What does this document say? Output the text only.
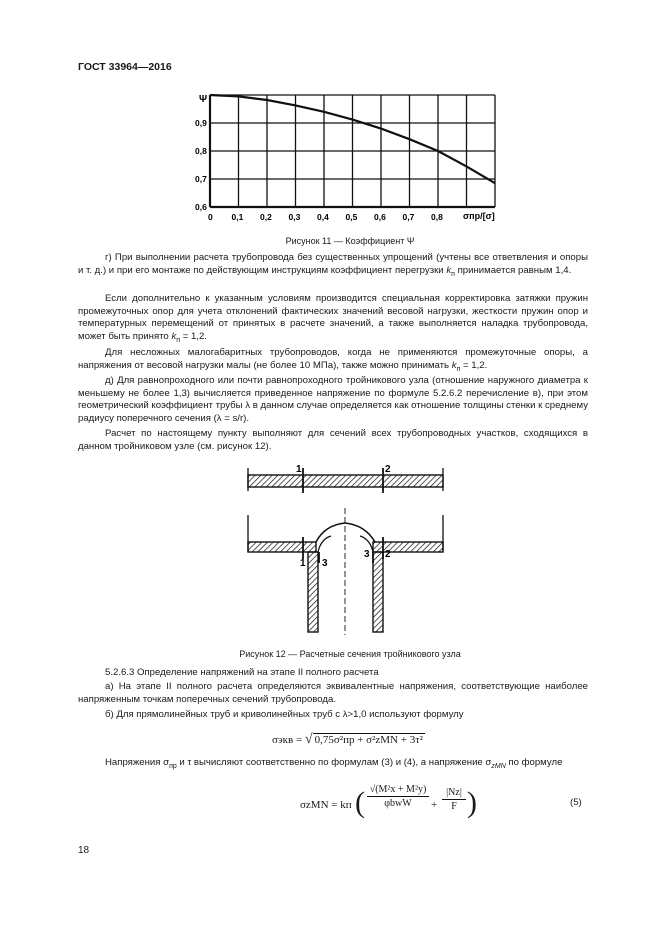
ГОСТ 33964—2016
0 0,1 0,2 0,3 0,4 0,5 0,6 0,7 0,8
0,6
0,7
0,8
0,9
Ψ
σпр/[σ]
Рисунок 11 — Коэффициент Ψ
г) При выполнении расчета трубопровода без существенных упрощений (учтены все ответвления и опоры и т. д.) и при его монтаже по действующим инструкциям коэффициент перегрузки $k_п$ принимается равным 1,4.
Если дополнительно к указанным условиям производится специальная корректировка затяжки пружин промежуточных опор для учета отклонений фактических значений весовой нагрузки, жесткости пружин опор и температурных перемещений от принятых в расчете значений, а также выполняется наладка трубопровода, может быть принято $k_п = 1,2$.
Для несложных малогабаритных трубопроводов, когда не применяются промежуточные опоры, а напряжения от весовой нагрузки малы (не более 10 МПа), также можно принимать $k_п = 1,2$.
д) Для равнопроходного или почти равнопроходного тройникового узла (отношение наружного диаметра к меньшему не более 1,3) вычисляется приведенное напряжение по формуле 5.2.6.2 перечисление в), при этом геометрический коэффициент трубы λ в данном случае определяется как отношение толщины стенки к среднему радиусу поперечного сечения (λ = s/r).
Расчет по настоящему пункту выполняют для сечений всех трубопроводных участков, сходящихся в данном тройниковом узле (см. рисунок 12).
1	2
1 3
3 2
Рисунок 12 — Расчетные сечения тройникового узла
5.2.6.3 Определение напряжений на этапе II полного расчета
а) На этапе II полного расчета определяются эквивалентные напряжения, соответствующие наиболее напряженным точкам поперечных сечений трубопровода.
б) Для прямолинейных труб и криволинейных труб с λ>1,0 используют формулу
σэкв = √ 0,75σ²пр + σ²zMN + 3τ²
Напряжения $\sigma_{пр}$ и τ вычисляют соответственно по формулам (3) и (4), а напряжение $\sigma_{zMN}$ по формуле
σzMN = kп ( √(M²x + M²y)
φbwW	+ $\frac{|Nz|}{F}$ )	(5)
18
